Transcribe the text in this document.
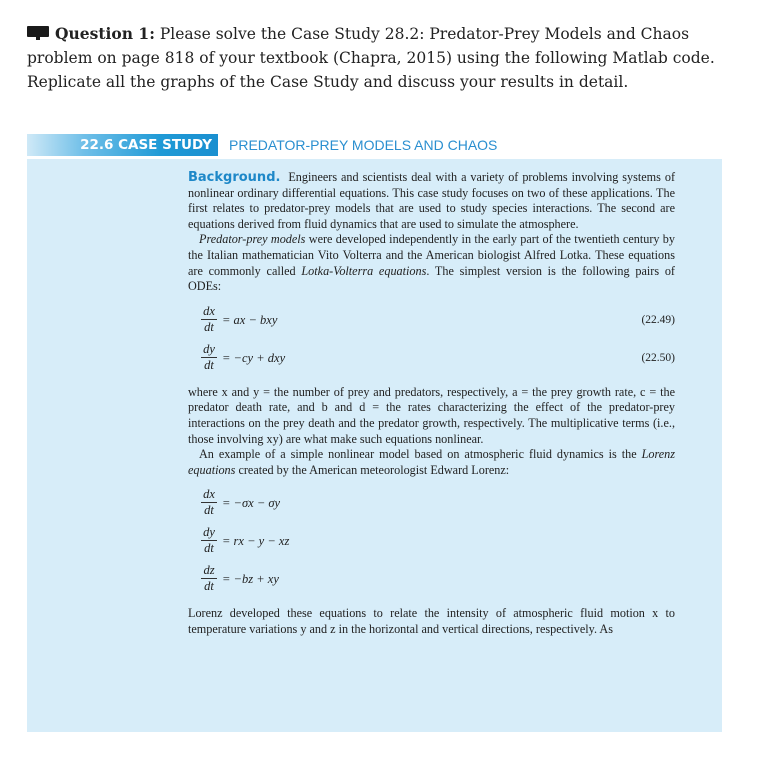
Question 1: Please solve the Case Study 28.2: Predator-Prey Models and Chaos problem on page 818 of your textbook (Chapra, 2015) using the following Matlab code. Replicate all the graphs of the Case Study and discuss your results in detail.
22.6 CASE STUDY	PREDATOR-PREY MODELS AND CHAOS

Background. Engineers and scientists deal with a variety of problems involving systems of nonlinear ordinary differential equations. This case study focuses on two of these applications. The first relates to predator-prey models that are used to study species interactions. The second are equations derived from fluid dynamics that are used to simulate the atmosphere.

Predator-prey models were developed independently in the early part of the twentieth century by the Italian mathematician Vito Volterra and the American biologist Alfred Lotka. These equations are commonly called Lotka-Volterra equations. The simplest version is the following pairs of ODEs:

dx
dt = ax − bxy	(22.49)
dy
dt = −cy + dxy	(22.50)

where x and y = the number of prey and predators, respectively, a = the prey growth rate, c = the predator death rate, and b and d = the rates characterizing the effect of the predator-prey interactions on the prey death and the predator growth, respectively. The multiplicative terms (i.e., those involving xy) are what make such equations nonlinear.

An example of a simple nonlinear model based on atmospheric fluid dynamics is the Lorenz equations created by the American meteorologist Edward Lorenz:

dx
dt = −σx − σy
dy
dt = rx − y − xz
dz
dt = −bz + xy

Lorenz developed these equations to relate the intensity of atmospheric fluid motion x to temperature variations y and z in the horizontal and vertical directions, respectively. As
